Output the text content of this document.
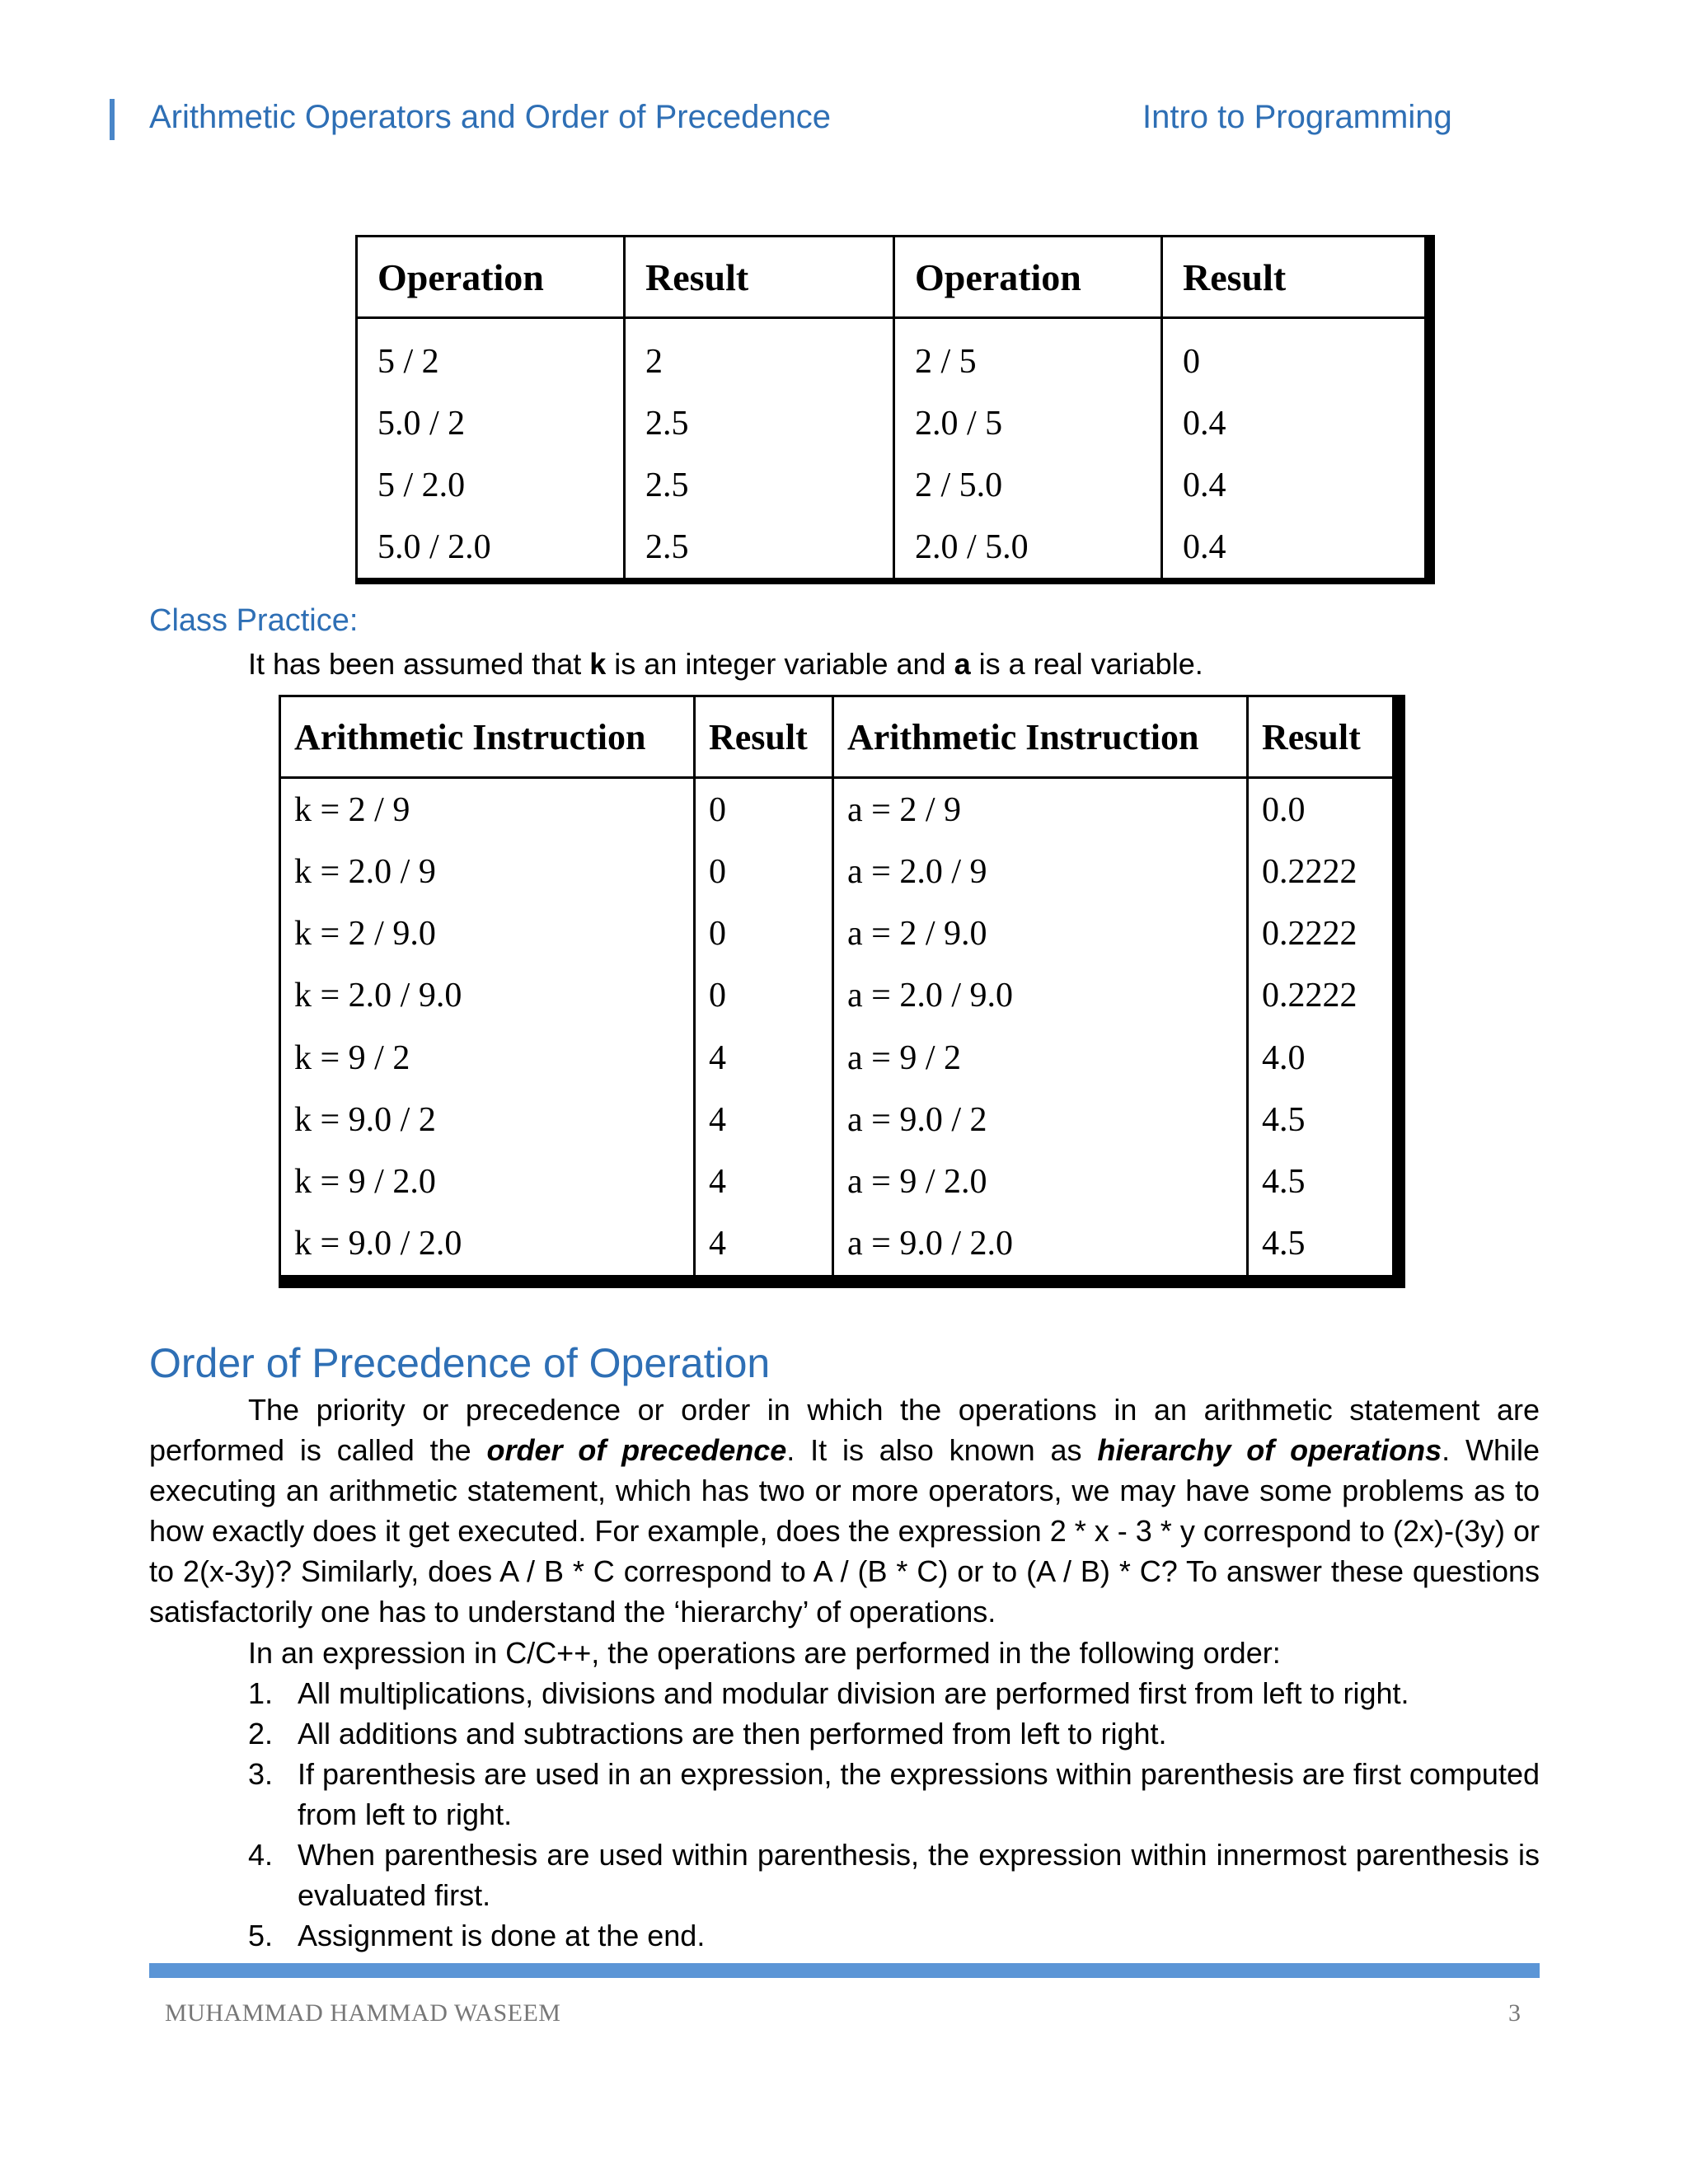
Arithmetic Operators and Order of Precedence	Intro to Programming
Operation	Result	Operation	Result
5 / 2	2	2 / 5	0
5.0 / 2	2.5	2.0 / 5	0.4
5 / 2.0	2.5	2 / 5.0	0.4
5.0 / 2.0	2.5	2.0 / 5.0	0.4
Class Practice:
It has been assumed that k is an integer variable and a is a real variable.
Arithmetic Instruction	Result	Arithmetic Instruction	Result
k = 2 / 9	0	a = 2 / 9	0.0
k = 2.0 / 9	0	a = 2.0 / 9	0.2222
k = 2 / 9.0	0	a = 2 / 9.0	0.2222
k = 2.0 / 9.0	0	a = 2.0 / 9.0	0.2222
k = 9 / 2	4	a = 9 / 2	4.0
k = 9.0 / 2	4	a = 9.0 / 2	4.5
k = 9 / 2.0	4	a = 9 / 2.0	4.5
k = 9.0 / 2.0	4	a = 9.0 / 2.0	4.5
Order of Precedence of Operation
The priority or precedence or order in which the operations in an arithmetic statement are performed is called the order of precedence. It is also known as hierarchy of operations. While executing an arithmetic statement, which has two or more operators, we may have some problems as to how exactly does it get executed. For example, does the expression 2 * x - 3 * y correspond to (2x)-(3y) or to 2(x-3y)? Similarly, does A / B * C correspond to A / (B * C) or to (A / B) * C? To answer these questions satisfactorily one has to understand the ‘hierarchy’ of operations.
In an expression in C/C++, the operations are performed in the following order:
1. All multiplications, divisions and modular division are performed first from left to right.
2. All additions and subtractions are then performed from left to right.
3. If parenthesis are used in an expression, the expressions within parenthesis are first computed from left to right.
4. When parenthesis are used within parenthesis, the expression within innermost parenthesis is evaluated first.
5. Assignment is done at the end.
MUHAMMAD HAMMAD WASEEM	3
